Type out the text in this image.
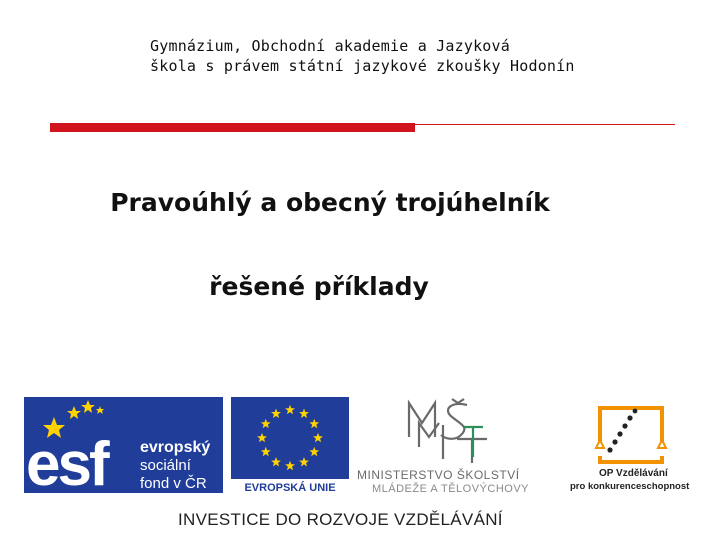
Gymnázium, Obchodní akademie a Jazyková
škola s právem státní jazykové zkoušky Hodonín
Pravoúhlý a obecný trojúhelník
řešené příklady
esf evropský
sociální
fond v ČR	EVROPSKÁ UNIE
MINISTERSTVO ŠKOLSTVÍ
MLÁDEŽE A TĚLOVÝCHOVY
OP Vzdělávání
pro konkurenceschopnost
INVESTICE DO ROZVOJE VZDĚLÁVÁNÍ
